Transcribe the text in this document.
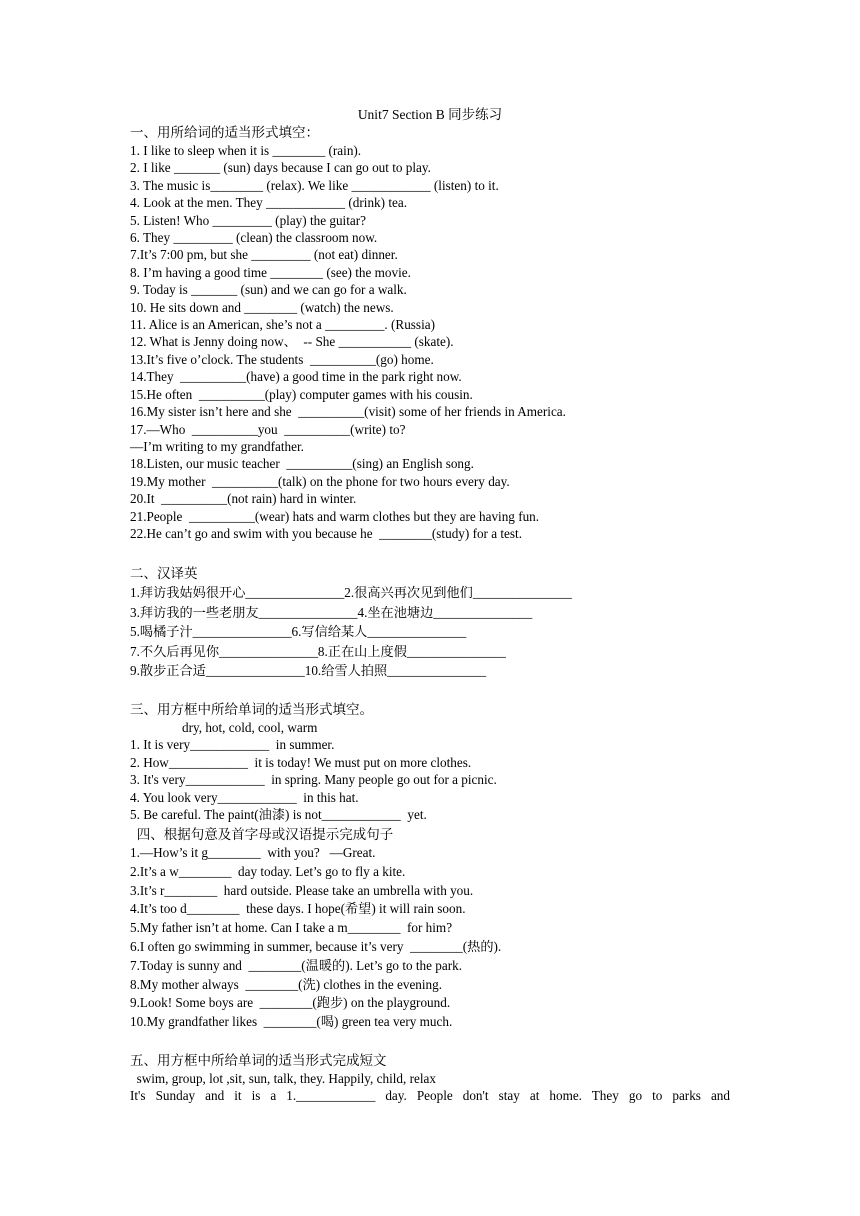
Unit7 Section B 同步练习
一、用所给词的适当形式填空：
1. I like to sleep when it is ________ (rain).
2. I like _______ (sun) days because I can go out to play.
3. The music is________ (relax). We like ____________ (listen) to it.
4. Look at the men. They ____________ (drink) tea.
5. Listen! Who _________ (play) the guitar?
6. They _________ (clean) the classroom now.
7.It’s 7:00 pm, but she _________ (not eat) dinner.
8. I’m having a good time ________ (see) the movie.
9. Today is _______ (sun) and we can go for a walk.
10. He sits down and ________ (watch) the news.
11. Alice is an American, she’s not a _________. (Russia)
12. What is Jenny doing now、  -- She ___________ (skate).
13.It’s five o’clock. The students  __________(go) home.
14.They  __________(have) a good time in the park right now.
15.He often  __________(play) computer games with his cousin.
16.My sister isn’t here and she  __________(visit) some of her friends in America.
17.—Who  __________you  __________(write) to?
—I’m writing to my grandfather.
18.Listen, our music teacher  __________(sing) an English song.
19.My mother  __________(talk) on the phone for two hours every day.
20.It  __________(not rain) hard in winter.
21.People  __________(wear) hats and warm clothes but they are having fun.
22.He can’t go and swim with you because he  ________(study) for a test.
二、汉译英
1.拜访我姑妈很开心_______________2.很高兴再次见到他们_______________
3.拜访我的一些老朋友_______________4.坐在池塘边_______________
5.喝橘子汁_______________6.写信给某人_______________
7.不久后再见你_______________8.正在山上度假_______________
9.散步正合适_______________10.给雪人拍照_______________
三、用方框中所给单词的适当形式填空。
dry, hot, cold, cool, warm
1. It is very____________  in summer.
2. How____________  it is today! We must put on more clothes.
3. It's very____________  in spring. Many people go out for a picnic.
4. You look very____________  in this hat.
5. Be careful. The paint(油漆) is not____________  yet.
四、根据句意及首字母或汉语提示完成句子
1.—How’s it g________  with you?   —Great.
2.It’s a w________  day today. Let’s go to fly a kite.
3.It’s r________  hard outside. Please take an umbrella with you.
4.It’s too d________  these days. I hope(希望) it will rain soon.
5.My father isn’t at home. Can I take a m________  for him?
6.I often go swimming in summer, because it’s very  ________(热的).
7.Today is sunny and  ________(温暖的). Let’s go to the park.
8.My mother always  ________(洗) clothes in the evening.
9.Look! Some boys are  ________(跑步) on the playground.
10.My grandfather likes  ________(喝) green tea very much.
五、用方框中所给单词的适当形式完成短文
swim, group, lot ,sit, sun, talk, they. Happily, child, relax
It's Sunday and it is a 1.____________ day. People don't stay at home. They go to parks and
